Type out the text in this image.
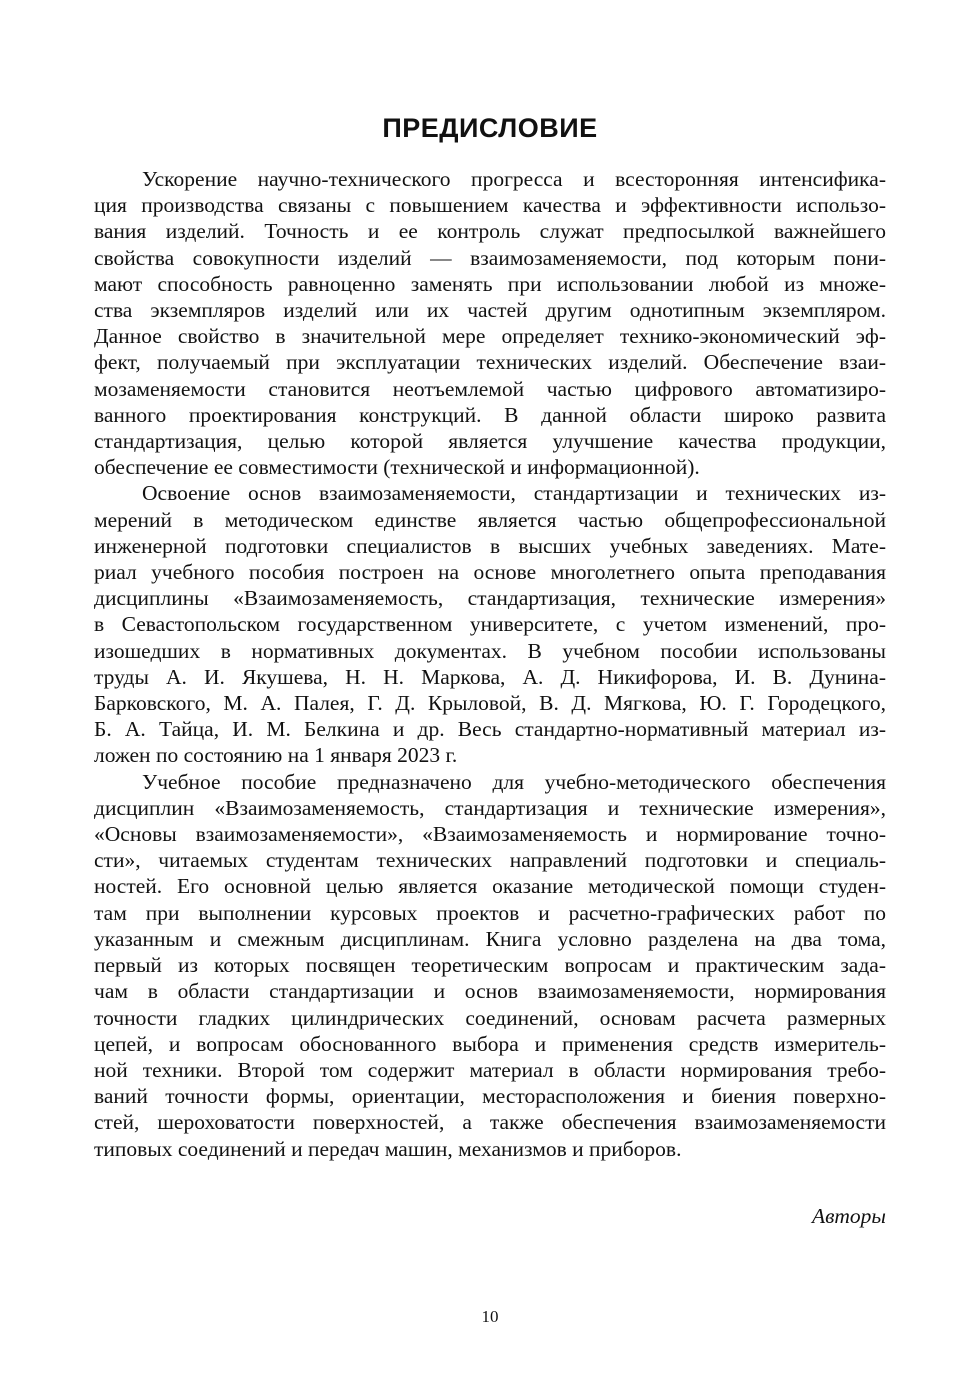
ПРЕДИСЛОВИЕ
Ускорение научно-технического прогресса и всесторонняя интенсифика-
ция производства связаны с повышением качества и эффективности использо-
вания изделий. Точность и ее контроль служат предпосылкой важнейшего
свойства совокупности изделий — взаимозаменяемости, под которым пони-
мают способность равноценно заменять при использовании любой из множе-
ства экземпляров изделий или их частей другим однотипным экземпляром.
Данное свойство в значительной мере определяет технико-экономический эф-
фект, получаемый при эксплуатации технических изделий. Обеспечение взаи-
мозаменяемости становится неотъемлемой частью цифрового автоматизиро-
ванного проектирования конструкций. В данной области широко развита
стандартизация, целью которой является улучшение качества продукции,
обеспечение ее совместимости (технической и информационной).
Освоение основ взаимозаменяемости, стандартизации и технических из-
мерений в методическом единстве является частью общепрофессиональной
инженерной подготовки специалистов в высших учебных заведениях. Мате-
риал учебного пособия построен на основе многолетнего опыта преподавания
дисциплины «Взаимозаменяемость, стандартизация, технические измерения»
в Севастопольском государственном университете, с учетом изменений, про-
изошедших в нормативных документах. В учебном пособии использованы
труды А. И. Якушева, Н. Н. Маркова, А. Д. Никифорова, И. В. Дунина-
Барковского, М. А. Палея, Г. Д. Крыловой, В. Д. Мягкова, Ю. Г. Городецкого,
Б. А. Тайца, И. М. Белкина и др. Весь стандартно-нормативный материал из-
ложен по состоянию на 1 января 2023 г.
Учебное пособие предназначено для учебно-методического обеспечения
дисциплин «Взаимозаменяемость, стандартизация и технические измерения»,
«Основы взаимозаменяемости», «Взаимозаменяемость и нормирование точно-
сти», читаемых студентам технических направлений подготовки и специаль-
ностей. Его основной целью является оказание методической помощи студен-
там при выполнении курсовых проектов и расчетно-графических работ по
указанным и смежным дисциплинам. Книга условно разделена на два тома,
первый из которых посвящен теоретическим вопросам и практическим зада-
чам в области стандартизации и основ взаимозаменяемости, нормирования
точности гладких цилиндрических соединений, основам расчета размерных
цепей, и вопросам обоснованного выбора и применения средств измеритель-
ной техники. Второй том содержит материал в области нормирования требо-
ваний точности формы, ориентации, месторасположения и биения поверхно-
стей, шероховатости поверхностей, а также обеспечения взаимозаменяемости
типовых соединений и передач машин, механизмов и приборов.

Авторы

10
